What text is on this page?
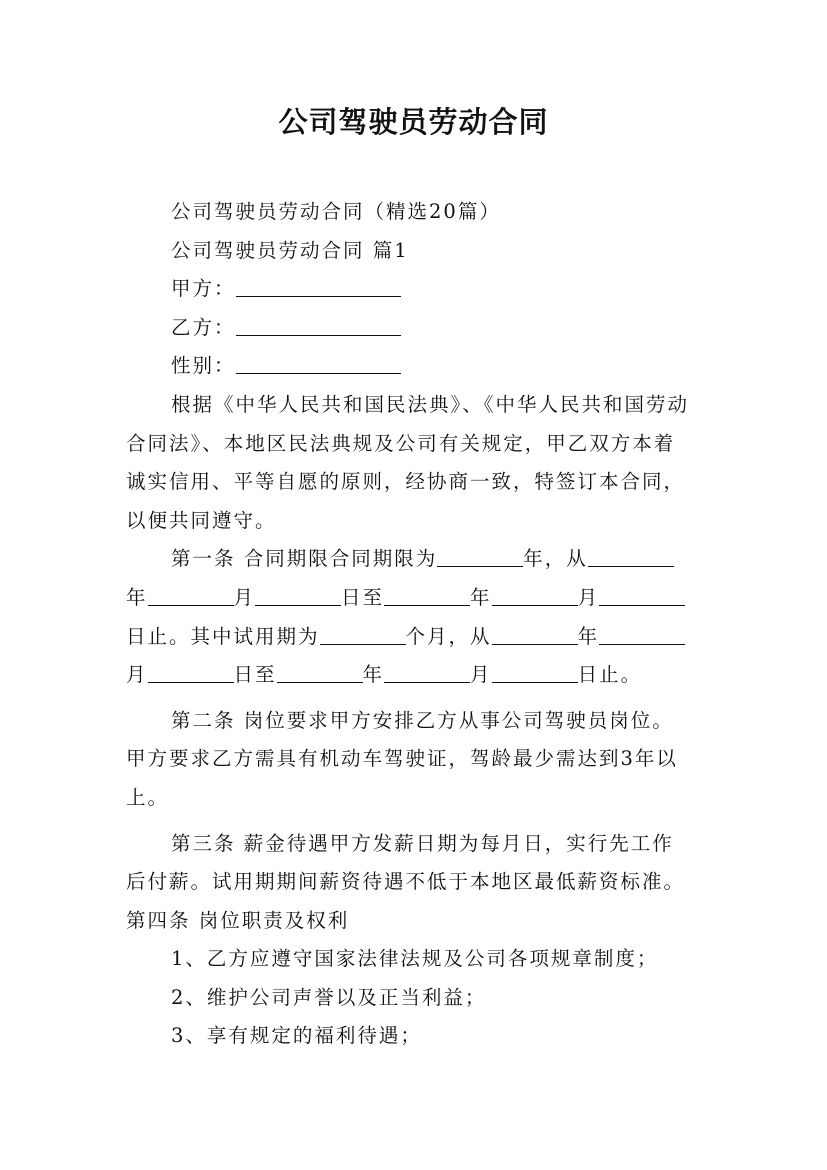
公司驾驶员劳动合同
公司驾驶员劳动合同（精选20篇）
公司驾驶员劳动合同 篇1
甲方：
乙方：
性别：
根据《中华人民共和国民法典》、《中华人民共和国劳动
合同法》、本地区民法典规及公司有关规定，甲乙双方本着
诚实信用、平等自愿的原则，经协商一致，特签订本合同，
以便共同遵守。
第一条 合同期限合同期限为	年，从
年	月	日至	年	月
日止。其中试用期为	个月，从	年
月	日至	年	月	日止。
第二条 岗位要求甲方安排乙方从事公司驾驶员岗位。
甲方要求乙方需具有机动车驾驶证，驾龄最少需达到3年以
上。
第三条 薪金待遇甲方发薪日期为每月日，实行先工作
后付薪。试用期期间薪资待遇不低于本地区最低薪资标准。
第四条 岗位职责及权利
1、乙方应遵守国家法律法规及公司各项规章制度；
2、维护公司声誉以及正当利益；
3、享有规定的福利待遇；
